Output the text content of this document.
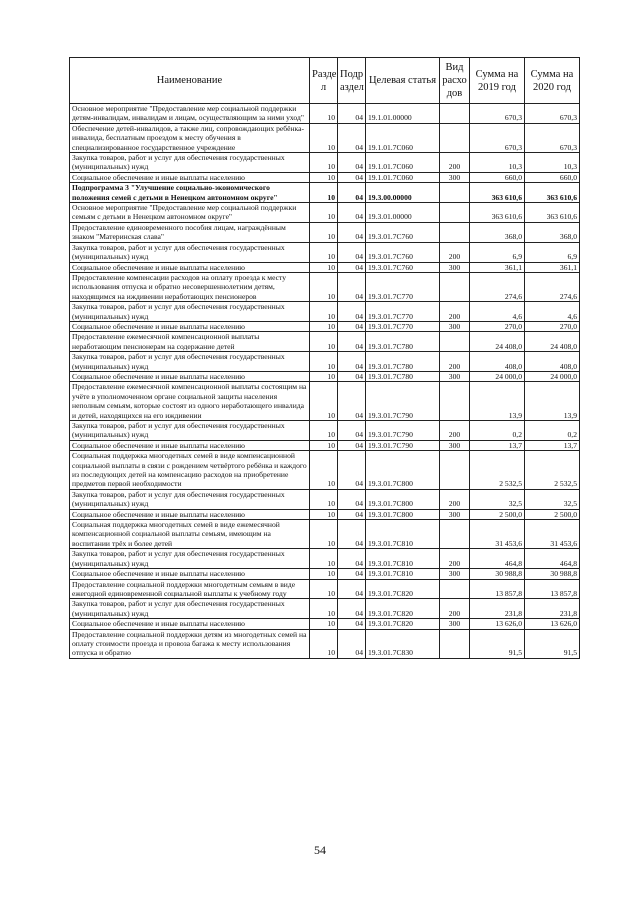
Наименование	Разде л	Подр аздел	Целевая статья	Вид расхо дов	Сумма на 2019 год	Сумма на 2020 год
Основное мероприятие "Предоставление мер социальной поддержки детям-инвалидам, инвалидам и лицам, осуществляющим за ними уход"	10	04	19.1.01.00000		670,3	670,3
Обеспечение детей-инвалидов, а также лиц, сопровождающих ребёнка-инвалида, бесплатным проездом к месту обучения в специализированное государственное учреждение	10	04	19.1.01.7С060		670,3	670,3
Закупка товаров, работ и услуг для обеспечения государственных (муниципальных) нужд	10	04	19.1.01.7С060	200	10,3	10,3
Социальное обеспечение и иные выплаты населению	10	04	19.1.01.7С060	300	660,0	660,0
Подпрограмма 3 "Улучшение социально-экономического положения семей с детьми в Ненецком автономном округе"	10	04	19.3.00.00000		363 610,6	363 610,6
Основное мероприятие "Предоставление мер социальной поддержки семьям с детьми в Ненецком автономном округе"	10	04	19.3.01.00000		363 610,6	363 610,6
Предоставление единовременного пособия лицам, награждённым знаком "Материнская слава"	10	04	19.3.01.7С760		368,0	368,0
Закупка товаров, работ и услуг для обеспечения государственных (муниципальных) нужд	10	04	19.3.01.7С760	200	6,9	6,9
Социальное обеспечение и иные выплаты населению	10	04	19.3.01.7С760	300	361,1	361,1
Предоставление компенсации расходов на оплату проезда к месту использования отпуска и обратно несовершеннолетним детям, находящимся на иждивении неработающих пенсионеров	10	04	19.3.01.7С770		274,6	274,6
Закупка товаров, работ и услуг для обеспечения государственных (муниципальных) нужд	10	04	19.3.01.7С770	200	4,6	4,6
Социальное обеспечение и иные выплаты населению	10	04	19.3.01.7С770	300	270,0	270,0
Предоставление ежемесячной компенсационной выплаты неработающим пенсионерам на содержание детей	10	04	19.3.01.7С780		24 408,0	24 408,0
Закупка товаров, работ и услуг для обеспечения государственных (муниципальных) нужд	10	04	19.3.01.7С780	200	408,0	408,0
Социальное обеспечение и иные выплаты населению	10	04	19.3.01.7С780	300	24 000,0	24 000,0
Предоставление ежемесячной компенсационной выплаты состоящим на учёте в уполномоченном органе социальной защиты населения неполным семьям, которые состоят из одного неработающего инвалида и детей, находящихся на его иждивении	10	04	19.3.01.7С790		13,9	13,9
Закупка товаров, работ и услуг для обеспечения государственных (муниципальных) нужд	10	04	19.3.01.7С790	200	0,2	0,2
Социальное обеспечение и иные выплаты населению	10	04	19.3.01.7С790	300	13,7	13,7
Социальная поддержка многодетных семей в виде компенсационной социальной выплаты в связи с рождением четвёртого ребёнка и каждого из последующих детей на компенсацию расходов на приобретение предметов первой необходимости	10	04	19.3.01.7С800		2 532,5	2 532,5
Закупка товаров, работ и услуг для обеспечения государственных (муниципальных) нужд	10	04	19.3.01.7С800	200	32,5	32,5
Социальное обеспечение и иные выплаты населению	10	04	19.3.01.7С800	300	2 500,0	2 500,0
Социальная поддержка многодетных семей в виде ежемесячной компенсационной социальной выплаты семьям, имеющим на воспитании трёх и более детей	10	04	19.3.01.7С810		31 453,6	31 453,6
Закупка товаров, работ и услуг для обеспечения государственных (муниципальных) нужд	10	04	19.3.01.7С810	200	464,8	464,8
Социальное обеспечение и иные выплаты населению	10	04	19.3.01.7С810	300	30 988,8	30 988,8
Предоставление социальной поддержки многодетным семьям в виде ежегодной единовременной социальной выплаты к учебному году	10	04	19.3.01.7С820		13 857,8	13 857,8
Закупка товаров, работ и услуг для обеспечения государственных (муниципальных) нужд	10	04	19.3.01.7С820	200	231,8	231,8
Социальное обеспечение и иные выплаты населению	10	04	19.3.01.7С820	300	13 626,0	13 626,0
Предоставление социальной поддержки детям из многодетных семей на оплату стоимости проезда и провоза багажа к месту использования отпуска и обратно	10	04	19.3.01.7С830		91,5	91,5
54
